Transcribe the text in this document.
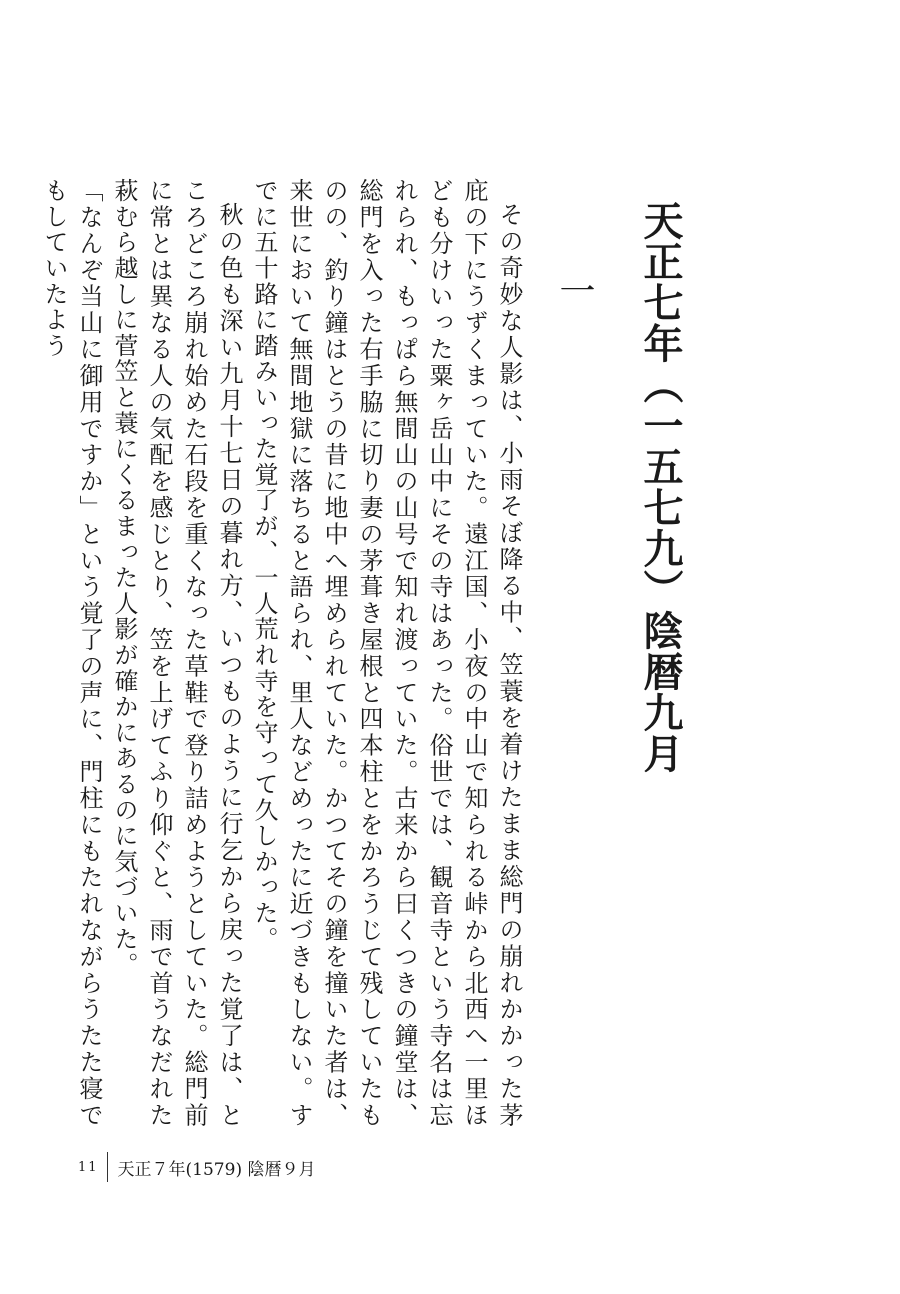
天正七年（一五七九）陰暦九月
一

その奇妙な人影は、小雨そぼ降る中、笠蓑を着けたまま総門の崩れかかった茅庇の下にうずくまっていた。遠江国、小夜の中山で知られる峠から北西へ一里ほども分けいった粟ヶ岳山中にその寺はあった。俗世では、観音寺という寺名は忘れられ、もっぱら無間山の山号で知れ渡っていた。古来から曰くつきの鐘堂は、総門を入った右手脇に切り妻の茅葺き屋根と四本柱とをかろうじて残していたものの、釣り鐘はとうの昔に地中へ埋められていた。かつてその鐘を撞いた者は、来世において無間地獄に落ちると語られ、里人などめったに近づきもしない。すでに五十路に踏みいった覚了が、一人荒れ寺を守って久しかった。

秋の色も深い九月十七日の暮れ方、いつものように行乞から戻った覚了は、ところどころ崩れ始めた石段を重くなった草鞋で登り詰めようとしていた。総門前に常とは異なる人の気配を感じとり、笠を上げてふり仰ぐと、雨で首うなだれた萩むら越しに菅笠と蓑にくるまった人影が確かにあるのに気づいた。

「なんぞ当山に御用ですか」という覚了の声に、門柱にもたれながらうたた寝でもしていたよう

11	天正７年(1579) 陰暦９月
